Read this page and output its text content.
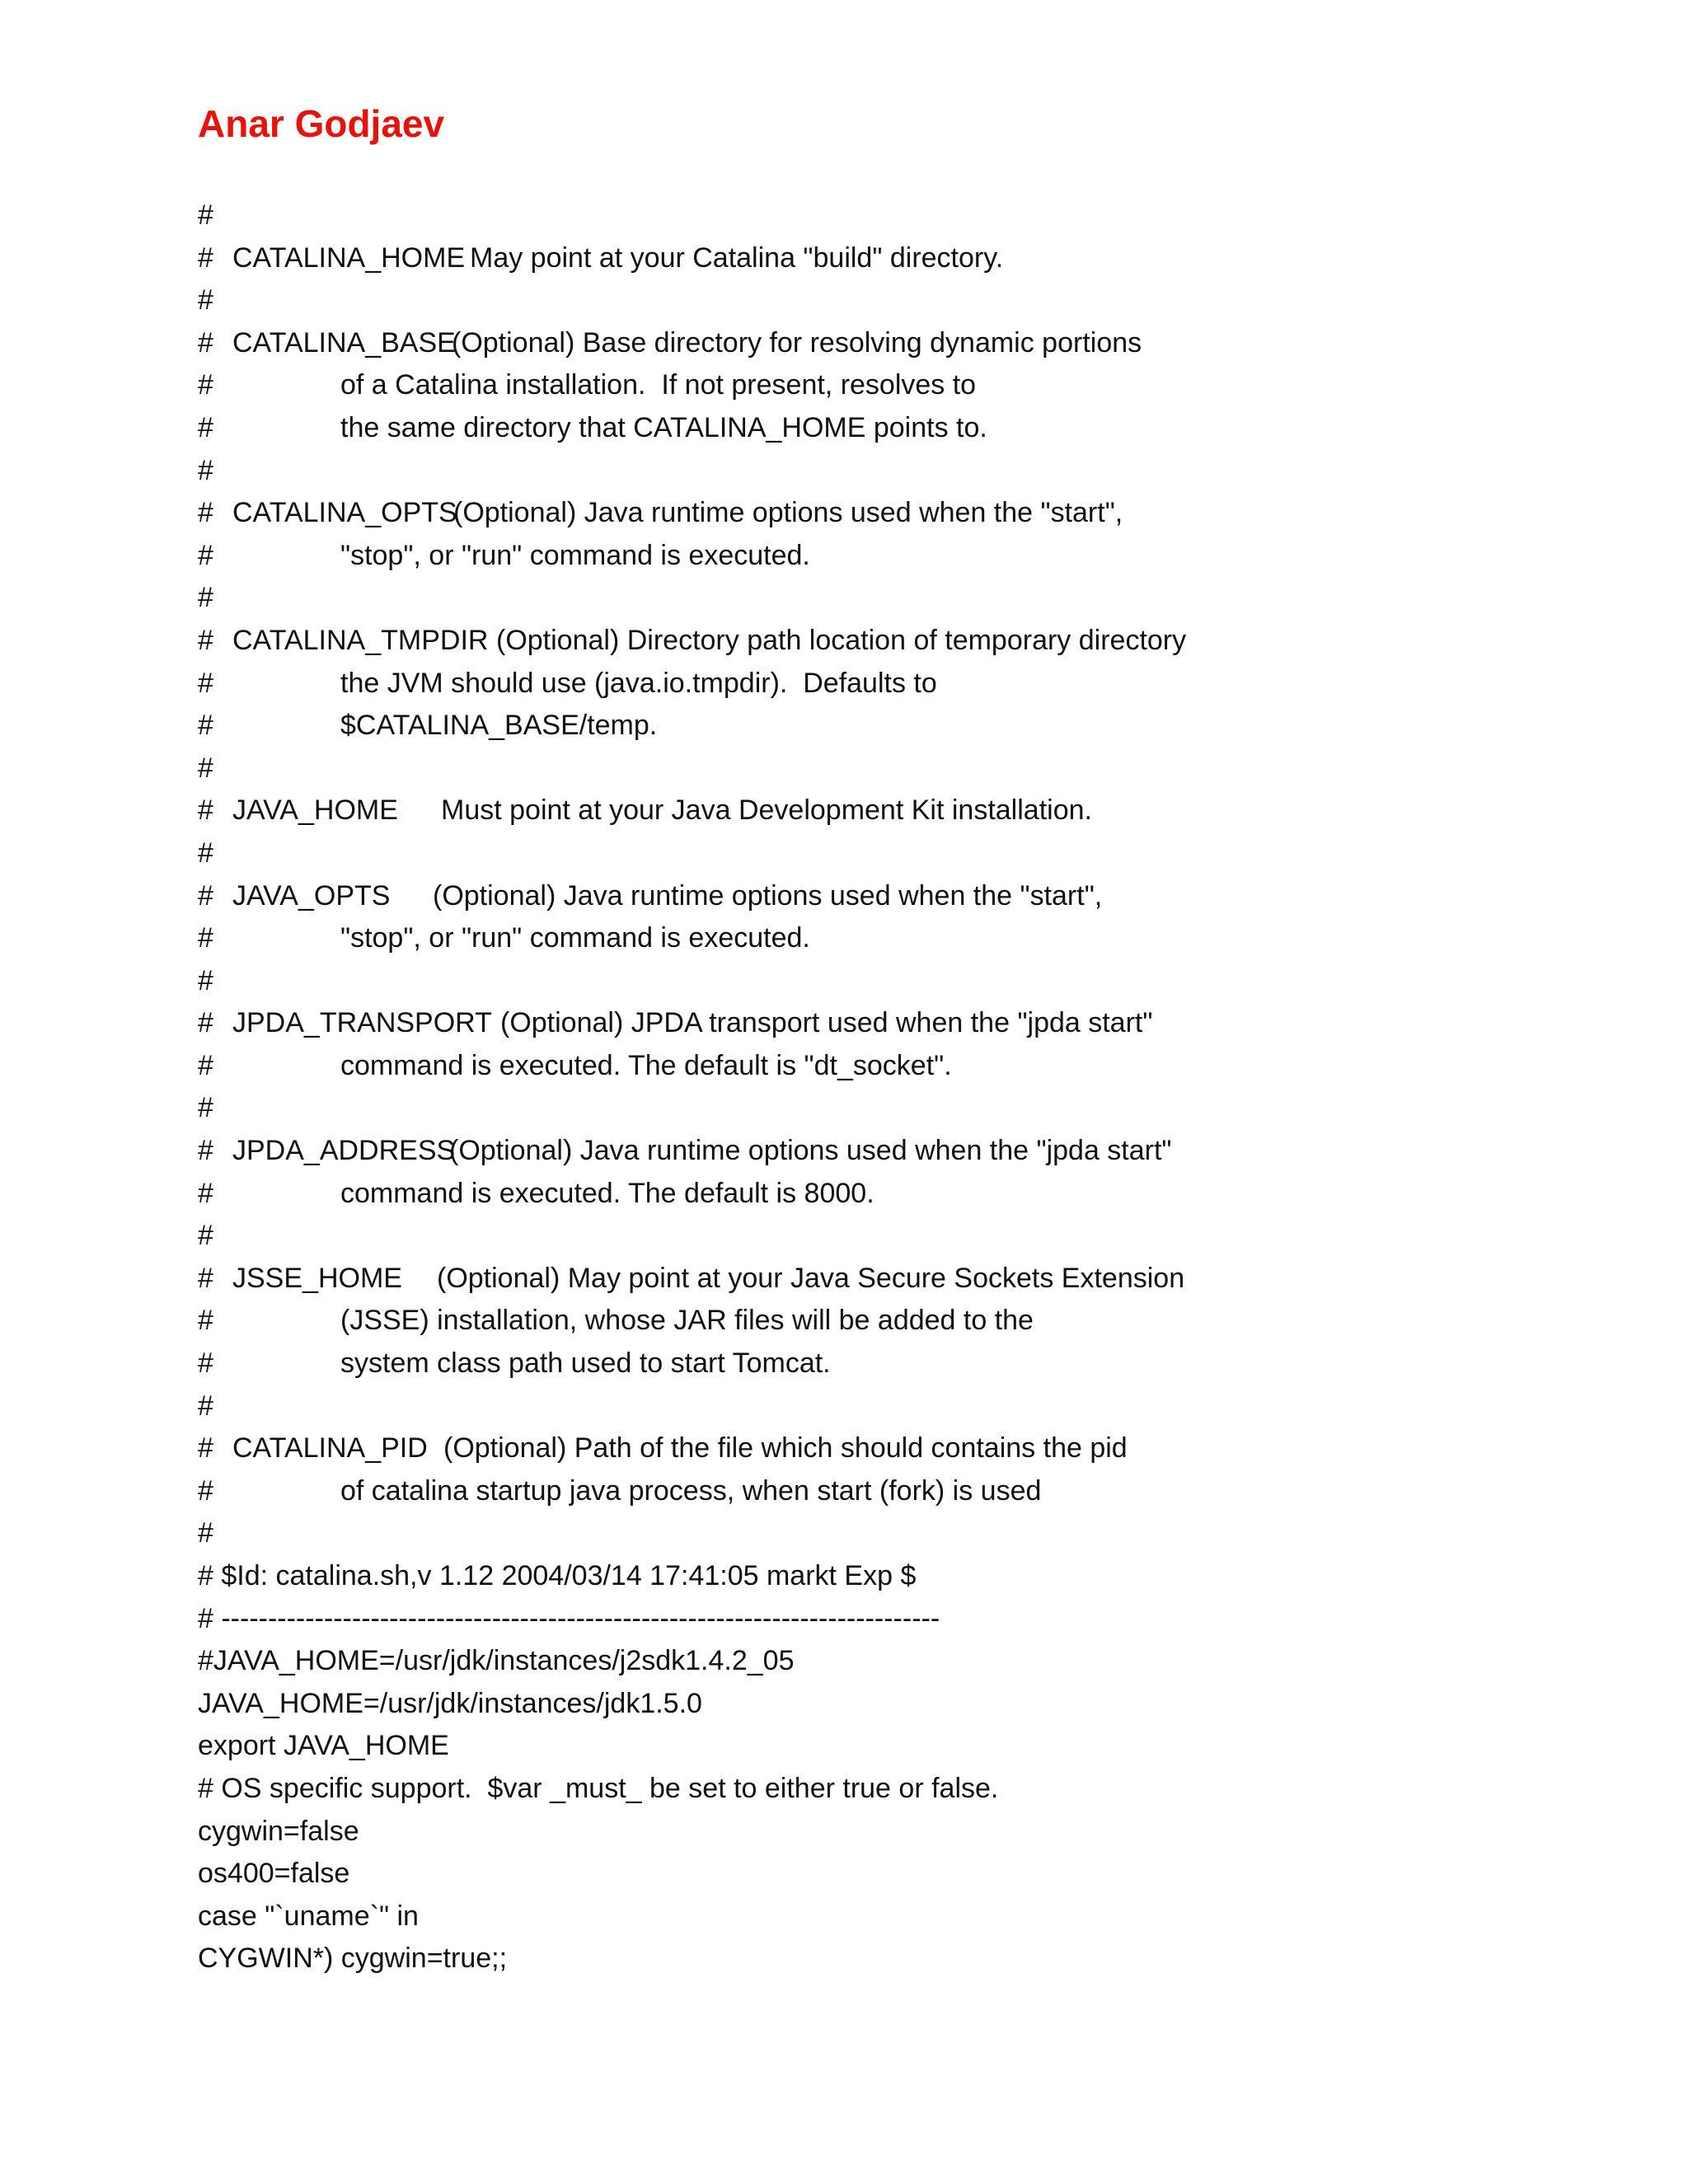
Anar Godjaev
#
# CATALINA_HOME May point at your Catalina "build" directory.
#
# CATALINA_BASE
(Optional) Base directory for resolving dynamic portions
#	of a Catalina installation.  If not present, resolves to
#	the same directory that CATALINA_HOME points to.
#
# CATALINA_OPTS
(Optional) Java runtime options used when the "start",
#	"stop", or "run" command is executed.
#
# CATALINA_TMPDIR (Optional) Directory path location of temporary directory
#	the JVM should use (java.io.tmpdir).  Defaults to
#	$CATALINA_BASE/temp.
#
# JAVA_HOME Must point at your Java Development Kit installation.
#
# JAVA_OPTS (Optional) Java runtime options used when the "start",
#	"stop", or "run" command is executed.
#
# JPDA_TRANSPORT (Optional) JPDA transport used when the "jpda start"
#	command is executed. The default is "dt_socket".
#
# JPDA_ADDRESS
(Optional) Java runtime options used when the "jpda start"
#	command is executed. The default is 8000.
#
# JSSE_HOME (Optional) May point at your Java Secure Sockets Extension
#	(JSSE) installation, whose JAR files will be added to the
#	system class path used to start Tomcat.
#
# CATALINA_PID (Optional) Path of the file which should contains the pid
#	of catalina startup java process, when start (fork) is used
#
# $Id: catalina.sh,v 1.12 2004/03/14 17:41:05 markt Exp $
# -----------------------------------------------------------------------------
#JAVA_HOME=/usr/jdk/instances/j2sdk1.4.2_05
JAVA_HOME=/usr/jdk/instances/jdk1.5.0
export JAVA_HOME
# OS specific support.  $var _must_ be set to either true or false.
cygwin=false
os400=false
case "`uname`" in
CYGWIN*) cygwin=true;;
